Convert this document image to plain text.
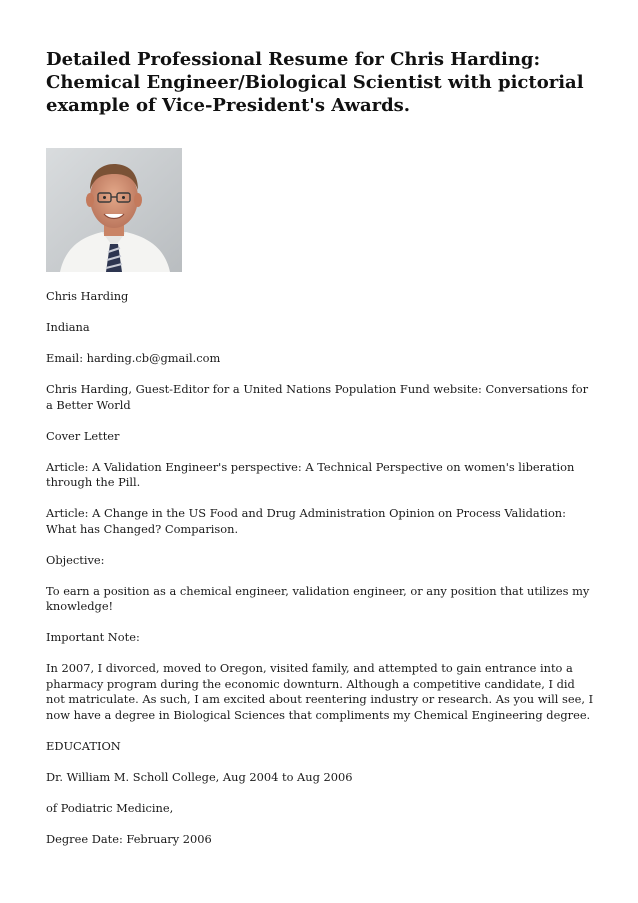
Detailed Professional Resume for Chris Harding: Chemical Engineer/Biological Scientist with pictorial example of Vice-President's Awards.

Chris Harding

Indiana

Email: harding.cb@gmail.com

Chris Harding, Guest-Editor for a United Nations Population Fund website: Conversations for a Better World

Cover Letter

Article: A Validation Engineer's perspective: A Technical Perspective on women's liberation through the Pill.

Article: A Change in the US Food and Drug Administration Opinion on Process Validation: What has Changed? Comparison.

Objective:

To earn a position as a chemical engineer, validation engineer, or any position that utilizes my knowledge!

Important Note:

In 2007, I divorced, moved to Oregon, visited family, and attempted to gain entrance into a pharmacy program during the economic downturn. Although a competitive candidate, I did not matriculate. As such, I am excited about reentering industry or research. As you will see, I now have a degree in Biological Sciences that compliments my Chemical Engineering degree.

EDUCATION

Dr. William M. Scholl College, Aug 2004 to Aug 2006

of Podiatric Medicine,

Degree Date: February 2006
